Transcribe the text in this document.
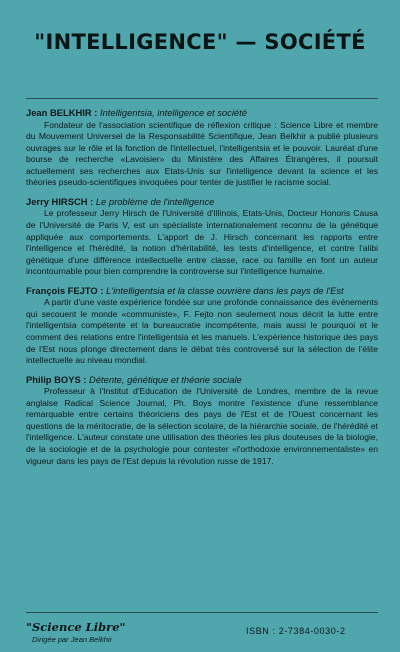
"INTELLIGENCE" — SOCIÉTÉ
Jean BELKHIR : Intelligentsia, intelligence et société

Fondateur de l'association scientifique de réflexion critique : Science Libre et membre du Mouvement Universel de la Responsabilité Scientifique, Jean Belkhir a publié plusieurs ouvrages sur le rôle et la fonction de l'intellectuel, l'intelligentsia et le pouvoir. Lauréat d'une bourse de recherche «Lavoisier» du Ministère des Affaires Étrangères, il poursuit actuellement ses recherches aux Etats-Unis sur l'intelligence devant la science et les théories pseudo-scientifiques invoquées pour tenter de justifier le racisme social.

Jerry HIRSCH : Le problème de l'intelligence

Le professeur Jerry Hirsch de l'Université d'Illinois, Etats-Unis, Docteur Honoris Causa de l'Université de Paris V, est un spécialiste internationalement reconnu de la génétique appliquée aux comportements. L'apport de J. Hirsch concernant les rapports entre l'intelligence et l'hérédité, la notion d'héritabilité, les tests d'intelligence, et contre l'alibi génétique d'une différence intellectuelle entre classe, race ou famille en font un auteur incontournable pour bien comprendre la controverse sur l'intelligence humaine.

François FEJTO : L'intelligentsia et la classe ouvrière dans les pays de l'Est

A partir d'une vaste expérience fondée sur une profonde connaissance des événements qui secouent le monde «communiste», F. Fejto non seulement nous décrit la lutte entre l'intelligentsia compétente et la bureaucratie incompétente, mais aussi le pourquoi et le comment des relations entre l'intelligentsia et les manuels. L'expérience historique des pays de l'Est nous plonge directement dans le débat très controversé sur la sélection de l'élite intellectuelle au niveau mondial.

Philip BOYS : Détente, génétique et théorie sociale

Professeur à l'Institut d'Education de l'Université de Londres, membre de la revue anglaise Radical Science Journal, Ph. Boys montre l'existence d'une ressemblance remarquable entre certains théoriciens des pays de l'Est et de l'Ouest concernant les questions de la méritocratie, de la sélection scolaire, de la hiérarchie sociale, de l'hérédité et l'intelligence. L'auteur constate une utilisation des théories les plus douteuses de la biologie, de la sociologie et de la psychologie pour contester «l'orthodoxie environnementaliste» en vigueur dans les pays de l'Est depuis la révolution russe de 1917.

"Science Libre"
Dirigée par Jean Belkhir
ISBN : 2-7384-0030-2
